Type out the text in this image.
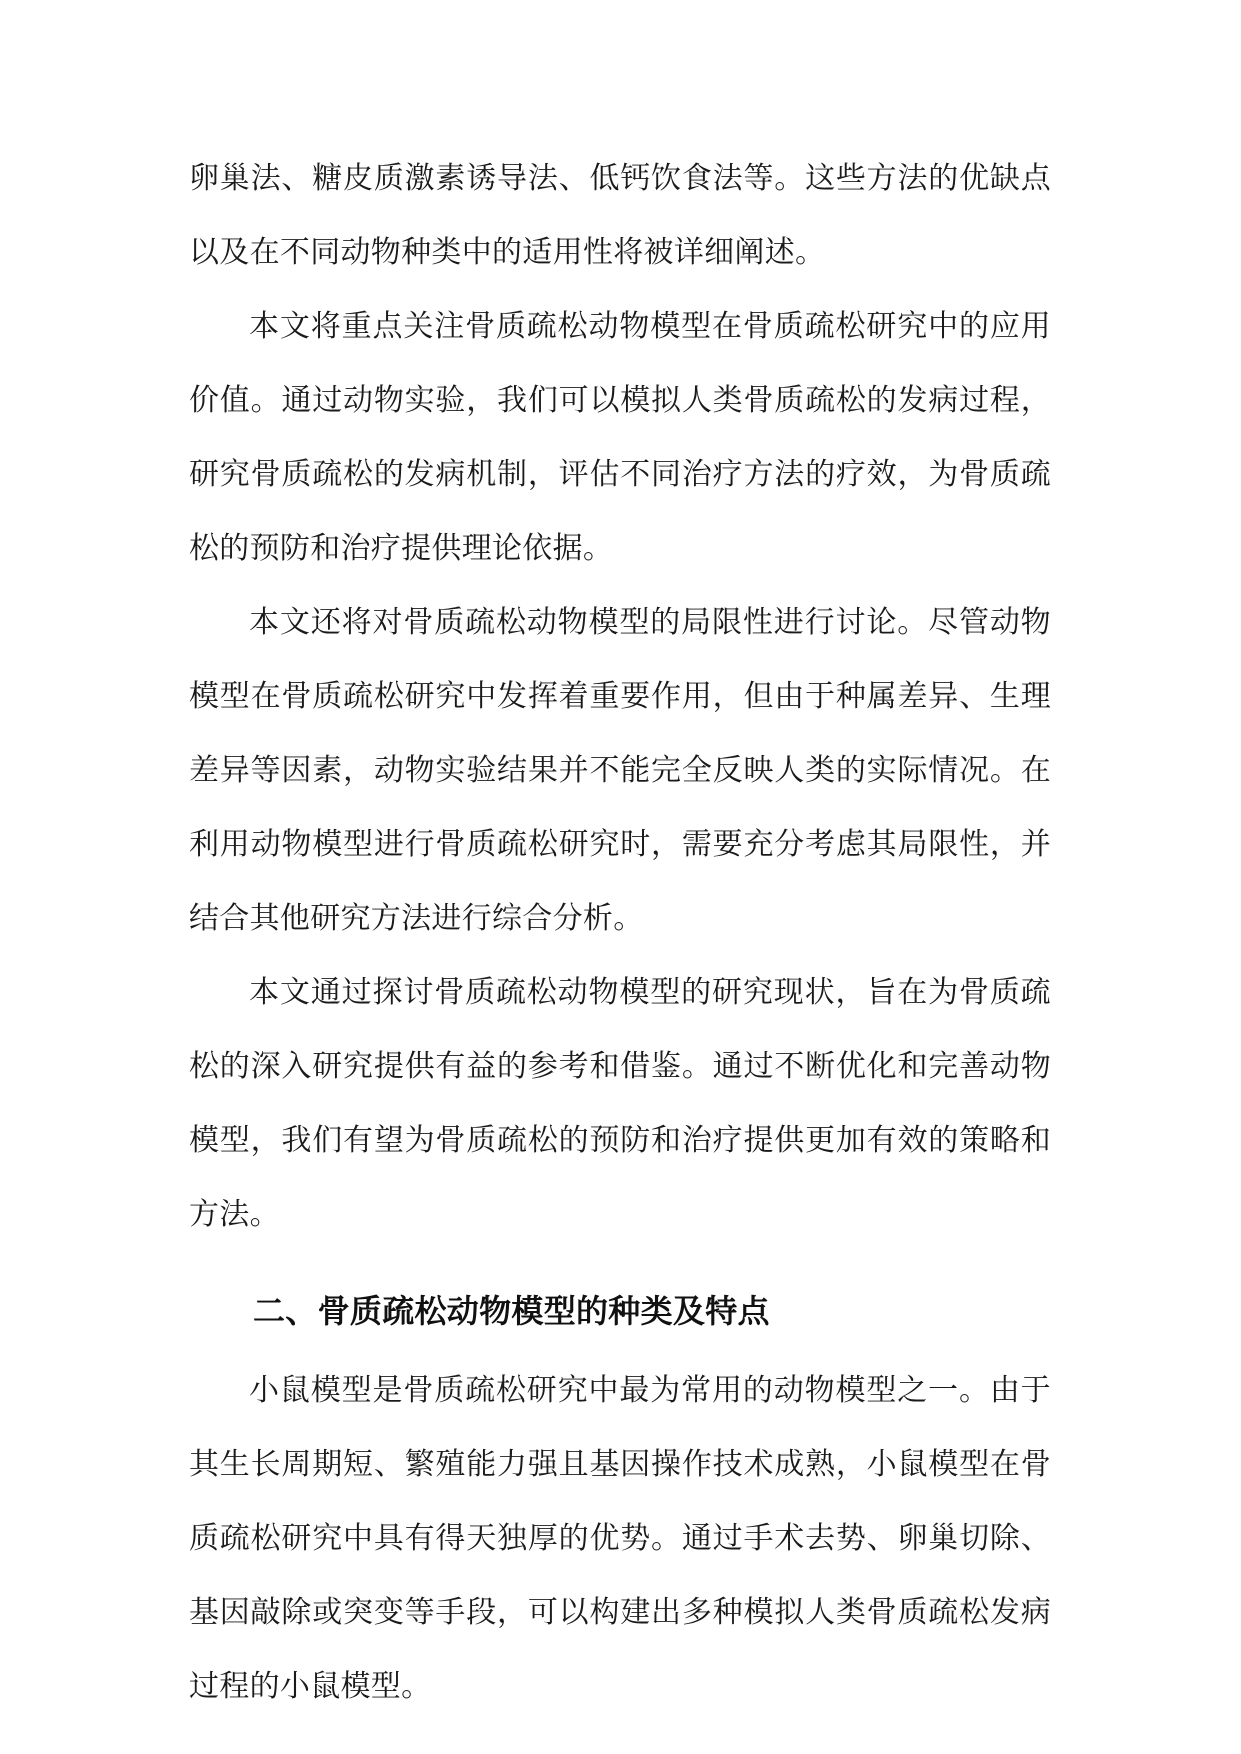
卵巢法、糖皮质激素诱导法、低钙饮食法等。这些方法的优缺点以及在不同动物种类中的适用性将被详细阐述。

本文将重点关注骨质疏松动物模型在骨质疏松研究中的应用价值。通过动物实验，我们可以模拟人类骨质疏松的发病过程，研究骨质疏松的发病机制，评估不同治疗方法的疗效，为骨质疏松的预防和治疗提供理论依据。

本文还将对骨质疏松动物模型的局限性进行讨论。尽管动物模型在骨质疏松研究中发挥着重要作用，但由于种属差异、生理差异等因素，动物实验结果并不能完全反映人类的实际情况。在利用动物模型进行骨质疏松研究时，需要充分考虑其局限性，并结合其他研究方法进行综合分析。

本文通过探讨骨质疏松动物模型的研究现状，旨在为骨质疏松的深入研究提供有益的参考和借鉴。通过不断优化和完善动物模型，我们有望为骨质疏松的预防和治疗提供更加有效的策略和方法。

二、骨质疏松动物模型的种类及特点

小鼠模型是骨质疏松研究中最为常用的动物模型之一。由于其生长周期短、繁殖能力强且基因操作技术成熟，小鼠模型在骨质疏松研究中具有得天独厚的优势。通过手术去势、卵巢切除、基因敲除或突变等手段，可以构建出多种模拟人类骨质疏松发病过程的小鼠模型。
